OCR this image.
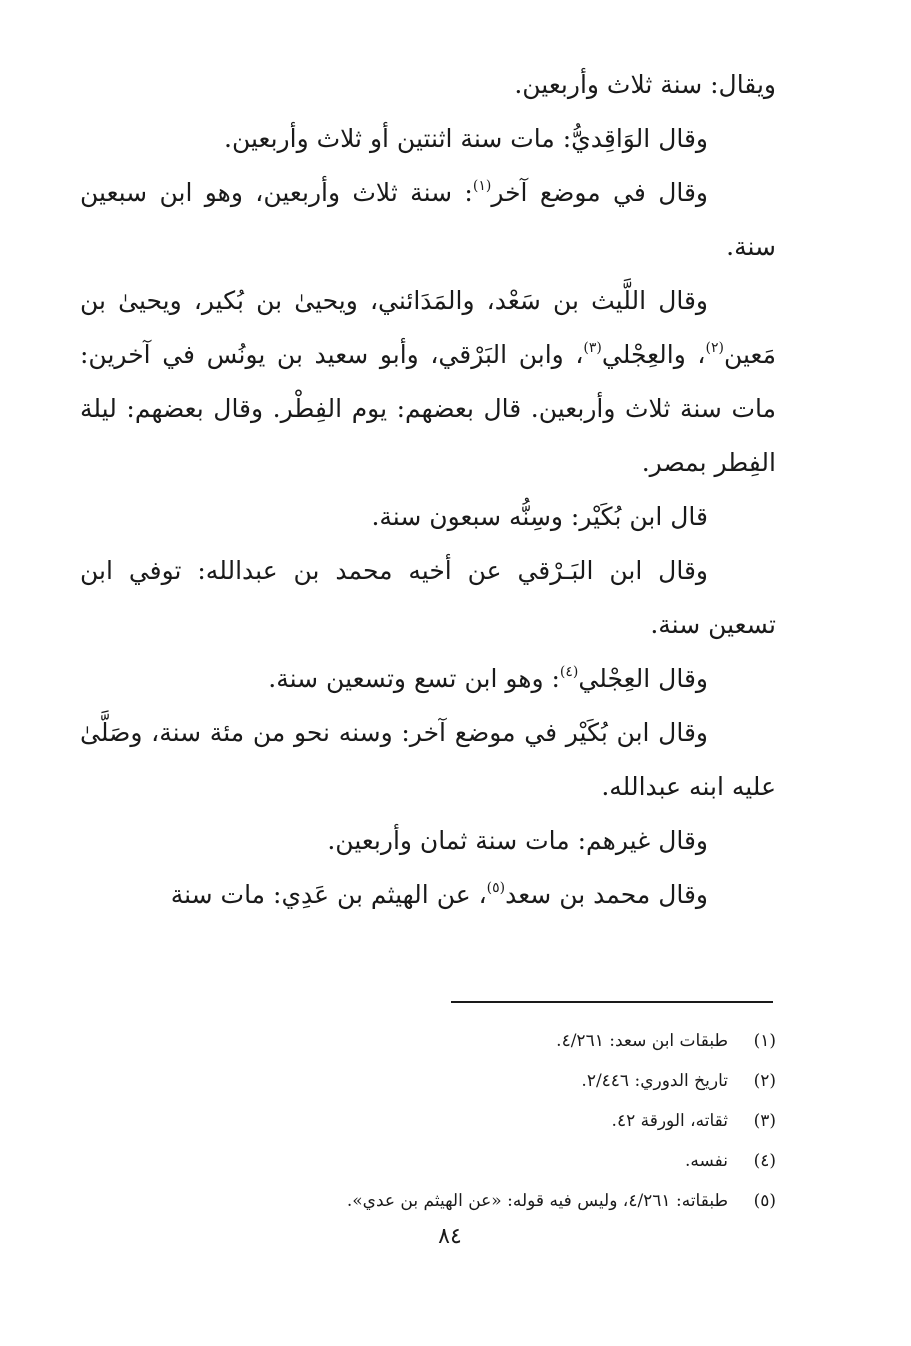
ويقال: سنة ثلاث وأربعين.

وقال الوَاقِديُّ: مات سنة اثنتين أو ثلاث وأربعين.

وقال في موضع آخر$^{(١)}$: سنة ثلاث وأربعين، وهو ابن سبعين سنة.

وقال اللَّيث بن سَعْد، والمَدَائني، ويحيىٰ بن بُكير، ويحيىٰ بن مَعين$^{(٢)}$، والعِجْلي$^{(٣)}$، وابن البَرْقي، وأبو سعيد بن يونُس في آخرين: مات سنة ثلاث وأربعين. قال بعضهم: يوم الفِطْر. وقال بعضهم: ليلة الفِطر بمصر.

قال ابن بُكَيْر: وسِنُّه سبعون سنة.

وقال ابن البَـرْقي عن أخيه محمد بن عبدالله: توفي ابن تسعين سنة.

وقال العِجْلي$^{(٤)}$: وهو ابن تسع وتسعين سنة.

وقال ابن بُكَيْر في موضع آخر: وسنه نحو من مئة سنة، وصَلَّىٰ عليه ابنه عبدالله.

وقال غيرهم: مات سنة ثمان وأربعين.

وقال محمد بن سعد$^{(٥)}$، عن الهيثم بن عَدِي: مات سنة

(١)
طبقات ابن سعد: ٤/٢٦١.
(٢)
تاريخ الدوري: ٢/٤٤٦.
(٣)
ثقاته، الورقة ٤٢.
(٤)
نفسه.
(٥)
طبقاته: ٤/٢٦١، وليس فيه قوله: «عن الهيثم بن عدي».
٨٤
